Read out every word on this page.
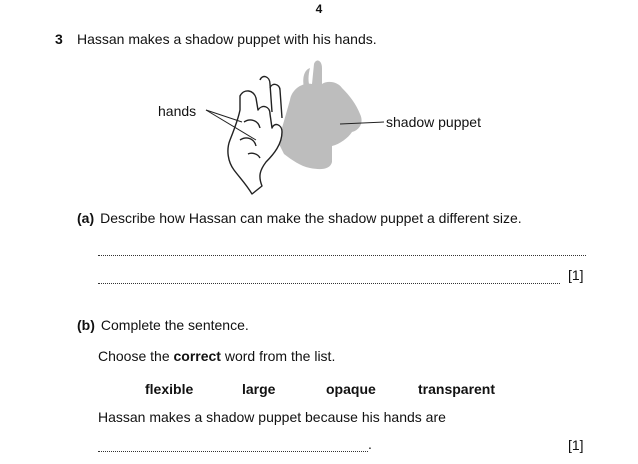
4
3 Hassan makes a shadow puppet with his hands.
hands
shadow puppet
(a) Describe how Hassan can make the shadow puppet a different size.
[1]
(b) Complete the sentence.
Choose the correct word from the list.
flexible	large	opaque	transparent
Hassan makes a shadow puppet because his hands are
.	[1]
